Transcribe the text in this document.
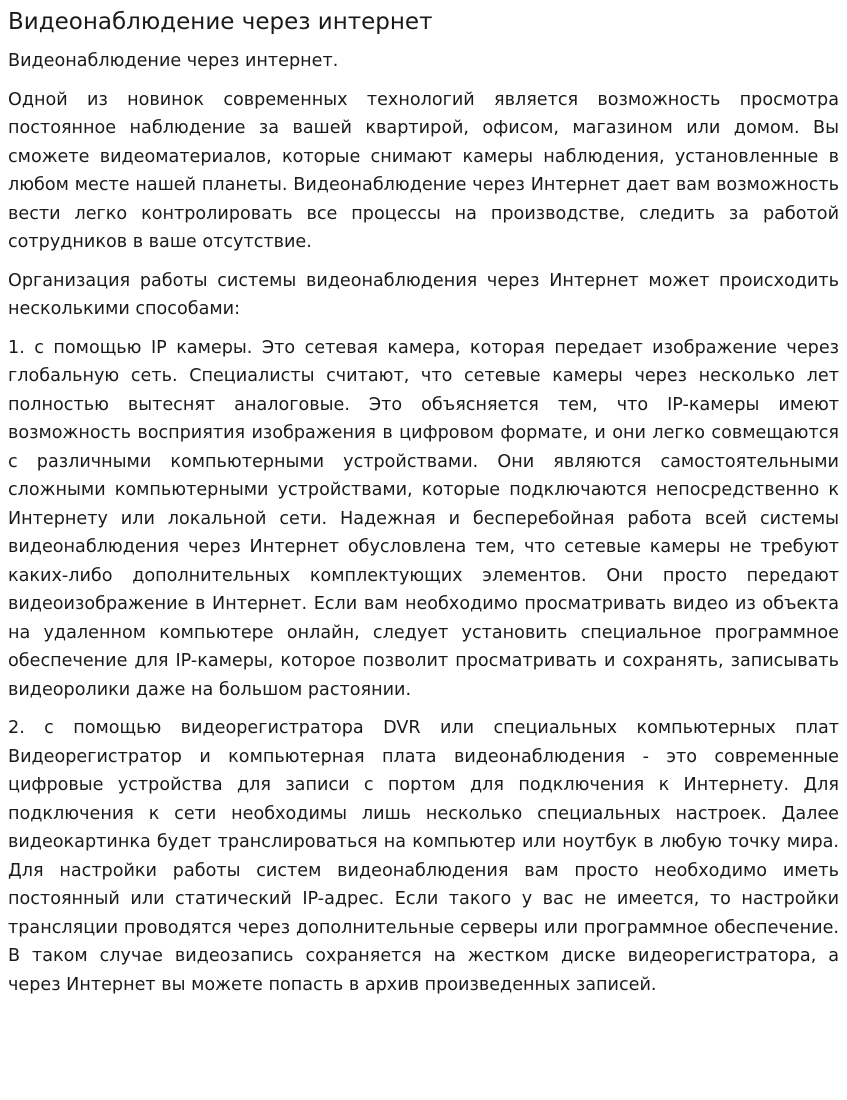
Видеонаблюдение через интернет

Видеонаблюдение через интернет.

Одной из новинок современных технологий является возможность просмотра постоянное наблюдение за вашей квартирой, офисом, магазином или домом. Вы сможете видеоматериалов, которые снимают камеры наблюдения, установленные в любом месте нашей планеты. Видеонаблюдение через Интернет дает вам возможность вести легко контролировать все процессы на производстве, следить за работой сотрудников в ваше отсутствие.

Организация работы системы видеонаблюдения через Интернет может происходить несколькими способами:

1. с помощью IP камеры. Это сетевая камера, которая передает изображение через глобальную сеть. Специалисты считают, что сетевые камеры через несколько лет полностью вытеснят аналоговые. Это объясняется тем, что IP-камеры имеют возможность восприятия изображения в цифровом формате, и они легко совмещаются с различными компьютерными устройствами. Они являются самостоятельными сложными компьютерными устройствами, которые подключаются непосредственно к Интернету или локальной сети. Надежная и бесперебойная работа всей системы видеонаблюдения через Интернет обусловлена тем, что сетевые камеры не требуют каких-либо дополнительных комплектующих элементов. Они просто передают видеоизображение в Интернет. Если вам необходимо просматривать видео из объекта на удаленном компьютере онлайн, следует установить специальное программное обеспечение для IP-камеры, которое позволит просматривать и сохранять, записывать видеоролики даже на большом растоянии.

2. с помощью видеорегистратора DVR или специальных компьютерных плат Видеорегистратор и компьютерная плата видеонаблюдения - это современные цифровые устройства для записи с портом для подключения к Интернету. Для подключения к сети необходимы лишь несколько специальных настроек. Далее видеокартинка будет транслироваться на компьютер или ноутбук в любую точку мира. Для настройки работы систем видеонаблюдения вам просто необходимо иметь постоянный или статический IP-адрес. Если такого у вас не имеется, то настройки трансляции проводятся через дополнительные серверы или программное обеспечение. В таком случае видеозапись сохраняется на жестком диске видеорегистратора, а через Интернет вы можете попасть в архив произведенных записей.
